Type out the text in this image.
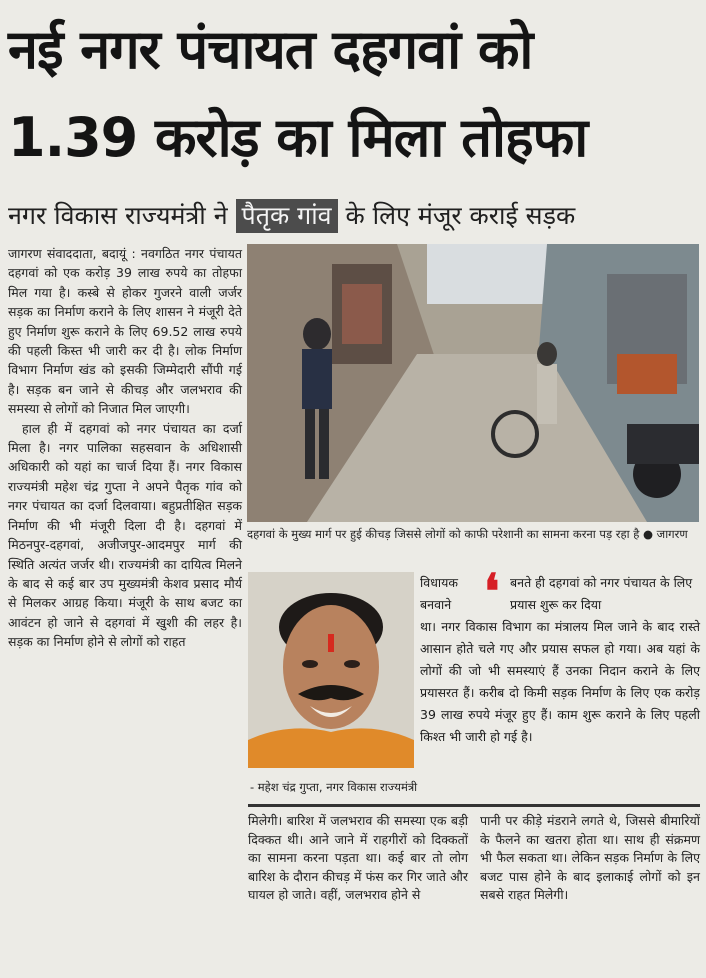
नई नगर पंचायत दहगवां को
1.39 करोड़ का मिला तोहफा
नगर विकास राज्यमंत्री ने पैतृक गांव के लिए मंजूर कराई सड़क

जागरण संवाददाता, बदायूं : नवगठित नगर पंचायत दहगवां को एक करोड़ 39 लाख रुपये का तोहफा मिल गया है। कस्बे से होकर गुजरने वाली जर्जर सड़क का निर्माण कराने के लिए शासन ने मंजूरी देते हुए निर्माण शुरू कराने के लिए 69.52 लाख रुपये की पहली किस्त भी जारी कर दी है। लोक निर्माण विभाग निर्माण खंड को इसकी जिम्मेदारी सौंपी गई है। सड़क बन जाने से कीचड़ और जलभराव की समस्या से लोगों को निजात मिल जाएगी।

हाल ही में दहगवां को नगर पंचायत का दर्जा मिला है। नगर पालिका सहसवान के अधिशासी अधिकारी को यहां का चार्ज दिया हैं। नगर विकास राज्यमंत्री महेश चंद्र गुप्ता ने अपने पैतृक गांव को नगर पंचायत का दर्जा दिलवाया। बहुप्रतीक्षित सड़क निर्माण की भी मंजूरी दिला दी है। दहगवां में मिठनपुर-दहगवां, अजीजपुर-आदमपुर मार्ग की स्थिति अत्यंत जर्जर थी। राज्यमंत्री का दायित्व मिलने के बाद से कई बार उप मुख्यमंत्री केशव प्रसाद मौर्य से मिलकर आग्रह किया। मंजूरी के साथ बजट का आवंटन हो जाने से दहगवां में खुशी की लहर है। सड़क का निर्माण होने से लोगों को राहत

दहगवां के मुख्य मार्ग पर हुई कीचड़ जिससे लोगों को काफी परेशानी का सामना करना पड़ रहा है ● जागरण
❛
विधायक बनवाने
बनते ही दहगवां को नगर पंचायत के लिए प्रयास शुरू कर दिया
था। नगर विकास विभाग का मंत्रालय मिल जाने के बाद रास्ते आसान होते चले गए और प्रयास सफल हो गया। अब यहां के लोगों की जो भी समस्याएं हैं उनका निदान कराने के लिए प्रयासरत हैं। करीब दो किमी सड़क निर्माण के लिए एक करोड़ 39 लाख रुपये मंजूर हुए हैं। काम शुरू कराने के लिए पहली किश्त भी जारी हो गई है।
- महेश चंद्र गुप्ता, नगर विकास राज्यमंत्री
मिलेगी। बारिश में जलभराव की समस्या एक बड़ी दिक्कत थी। आने जाने में राहगीरों को दिक्कतों का सामना करना पड़ता था। कई बार तो लोग बारिश के दौरान कीचड़ में फंस कर गिर जाते और घायल हो जाते। वहीं, जलभराव होने से
पानी पर कीड़े मंडराने लगते थे, जिससे बीमारियों के फैलने का खतरा होता था। साथ ही संक्रमण भी फैल सकता था। लेकिन सड़क निर्माण के लिए बजट पास होने के बाद इलाकाई लोगों को इन सबसे राहत मिलेगी।
